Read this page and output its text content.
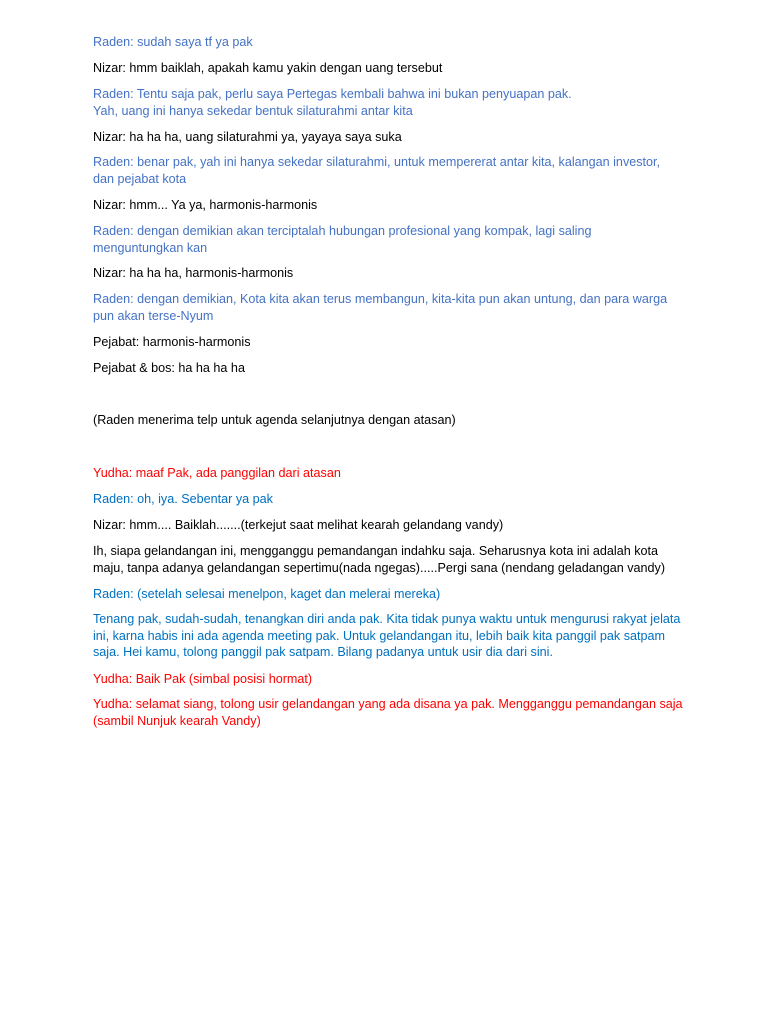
Raden: sudah saya tf ya pak

Nizar: hmm baiklah, apakah kamu yakin dengan uang tersebut

Raden: Tentu saja pak, perlu saya Pertegas kembali bahwa ini bukan penyuapan pak.
Yah, uang ini hanya sekedar bentuk silaturahmi antar kita

Nizar: ha ha ha, uang silaturahmi ya, yayaya saya suka

Raden: benar pak, yah ini hanya sekedar silaturahmi, untuk mempererat antar kita, kalangan investor, dan pejabat kota

Nizar: hmm... Ya ya, harmonis-harmonis

Raden: dengan demikian akan terciptalah hubungan profesional yang kompak, lagi saling menguntungkan kan

Nizar: ha ha ha, harmonis-harmonis

Raden: dengan demikian, Kota kita akan terus membangun, kita-kita pun akan untung, dan para warga pun akan terse-Nyum

Pejabat: harmonis-harmonis

Pejabat & bos: ha ha ha ha

(Raden menerima telp untuk agenda selanjutnya dengan atasan)

Yudha: maaf Pak, ada panggilan dari atasan

Raden: oh, iya. Sebentar ya pak

Nizar: hmm.... Baiklah.......(terkejut saat melihat kearah gelandang vandy)

Ih, siapa gelandangan ini, mengganggu pemandangan indahku saja. Seharusnya kota ini adalah kota maju, tanpa adanya gelandangan sepertimu(nada ngegas).....Pergi sana (nendang geladangan vandy)

Raden: (setelah selesai menelpon, kaget dan melerai mereka)

Tenang pak, sudah-sudah, tenangkan diri anda pak. Kita tidak punya waktu untuk mengurusi rakyat jelata ini, karna habis ini ada agenda meeting pak. Untuk gelandangan itu, lebih baik kita panggil pak satpam saja. Hei kamu, tolong panggil pak satpam. Bilang padanya untuk usir dia dari sini.

Yudha: Baik Pak (simbal posisi hormat)

Yudha: selamat siang, tolong usir gelandangan yang ada disana ya pak. Mengganggu pemandangan saja (sambil Nunjuk kearah Vandy)
